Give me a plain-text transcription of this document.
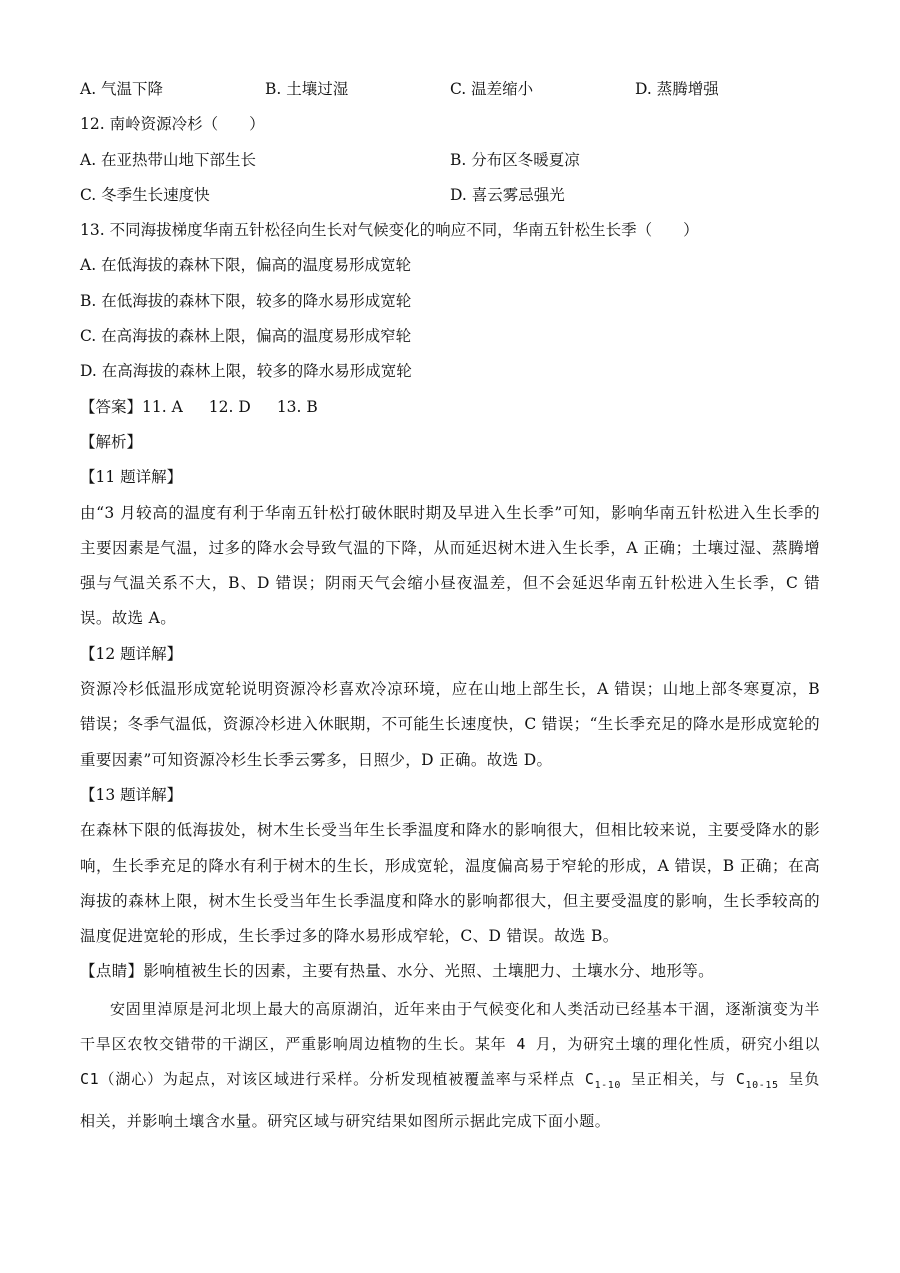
A. 气温下降	B. 土壤过湿	C. 温差缩小	D. 蒸腾增强
12. 南岭资源冷杉（　　）
A. 在亚热带山地下部生长	B. 分布区冬暖夏凉
C. 冬季生长速度快	D. 喜云雾忌强光
13. 不同海拔梯度华南五针松径向生长对气候变化的响应不同，华南五针松生长季（　　）
A. 在低海拔的森林下限，偏高的温度易形成宽轮
B. 在低海拔的森林下限，较多的降水易形成宽轮
C. 在高海拔的森林上限，偏高的温度易形成窄轮
D. 在高海拔的森林上限，较多的降水易形成宽轮
【答案】11. A 12. D 13. B
【解析】
【11 题详解】
由“3 月较高的温度有利于华南五针松打破休眠时期及早进入生长季”可知，影响华南五针松进入生长季的主要因素是气温，过多的降水会导致气温的下降，从而延迟树木进入生长季，A 正确；土壤过湿、蒸腾增强与气温关系不大，B、D 错误；阴雨天气会缩小昼夜温差，但不会延迟华南五针松进入生长季，C 错误。故选 A。
【12 题详解】
资源冷杉低温形成宽轮说明资源冷杉喜欢冷凉环境，应在山地上部生长，A 错误；山地上部冬寒夏凉，B 错误；冬季气温低，资源冷杉进入休眠期，不可能生长速度快，C 错误；“生长季充足的降水是形成宽轮的重要因素”可知资源冷杉生长季云雾多，日照少，D 正确。故选 D。
【13 题详解】
在森林下限的低海拔处，树木生长受当年生长季温度和降水的影响很大，但相比较来说，主要受降水的影响，生长季充足的降水有利于树木的生长，形成宽轮，温度偏高易于窄轮的形成，A 错误，B 正确；在高海拔的森林上限，树木生长受当年生长季温度和降水的影响都很大，但主要受温度的影响，生长季较高的温度促进宽轮的形成，生长季过多的降水易形成窄轮，C、D 错误。故选 B。
【点睛】影响植被生长的因素，主要有热量、水分、光照、土壤肥力、土壤水分、地形等。
安固里淖原是河北坝上最大的高原湖泊，近年来由于气候变化和人类活动已经基本干涸，逐渐演变为半干旱区农牧交错带的干湖区，严重影响周边植物的生长。某年 4 月，为研究土壤的理化性质，研究小组以 C1（湖心）为起点，对该区域进行采样。分析发现植被覆盖率与采样点 $C_{1-10}$ 呈正相关，与 $C_{10-15}$ 呈负相关，并影响土壤含水量。研究区域与研究结果如图所示据此完成下面小题。
